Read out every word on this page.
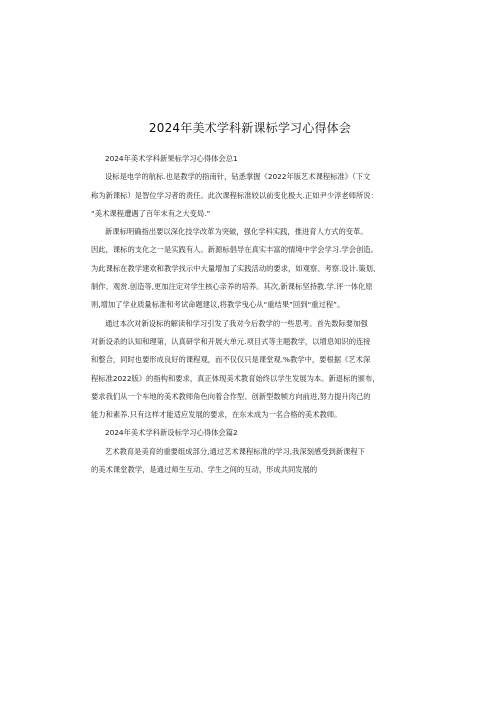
2024年美术学科新课标学习心得体会
2024年美术学科新果标学习心得体会总1
设标是电学的航标.也是教学的指南针，钻悉掌握《2022年版艺术课程标准》（下文
称为新课标）是智位学习者的责任。此次课程标准较以前变化极大.正如尹少淳老师所说：
“美术课程遭遇了百年未有之大变局.”
新课标明确指出要以深化技学改革为突破，强化学科实践，推进育人方式的变革。
因此，课标的支化之一是实践有人。新源标倡导在真实丰富的情境中学会学习.学会创造。
为此课标在教学建欢和教学找示中大量增加了实践活动的要求，如观察、考察.设计.策划、
制作、观赏.创造等,更加注定对学生核心亲养的培养。其次,新课标坚持教.学.评一体化原
则,增加了学业质量标准和考试命题建议,将教学曳心从“重结果”回到“重过程”。
通过本次对新设标的解读和学习引发了我对今后教学的一些思考。首先数际要加强
对新设杀的认知和理第，认真研学和开展大单元.项目式等主题教学，以增息知识的连接
和整合，同时也要形成良好的课程观，而不仅仅只是课堂观.%教学中，要根据《艺术深
程标准2022版》的指构和要求，真正体现美术教育始终以学生发展为本。新退标的颁布，
要求我们从一个车地的美术教师角色向着合作型、创新型数帧方向前进,努力提升肉己的
能力和素养.只有这样才能适应发展的要求，在东未成为一名合格的美术教师。
2024年美术学科新设标学习心得体会篇2
艺术教育是美育的重要组成部分,通过艺术课程标准的学习,我深刻感受到新课程下
的美术课堂教学，是通过师生互动、学生之间的互动，形成共同发展的
